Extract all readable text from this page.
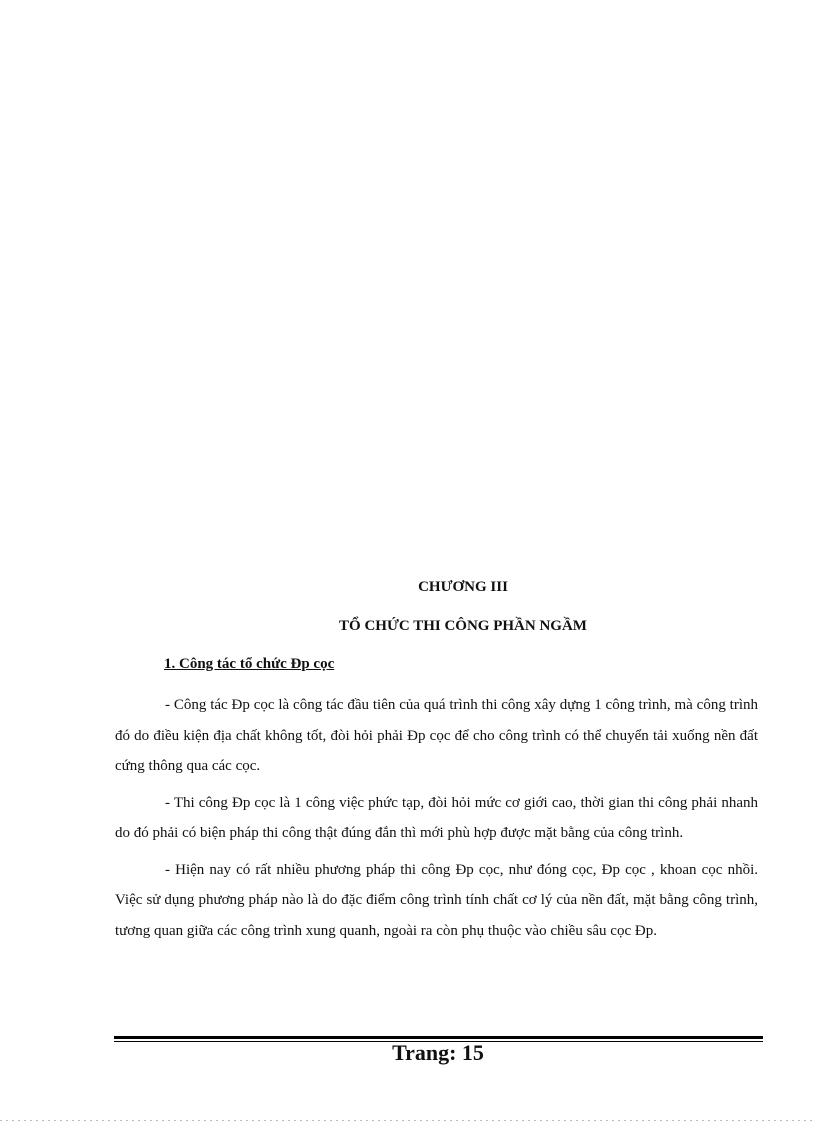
CHƯƠNG III
TỔ CHỨC THI CÔNG PHẦN NGẦM
1. Công tác tổ chức Đp cọc

- Công tác Đp cọc là công tác đầu tiên của quá trình thi công xây dựng 1 công trình, mà công trình đó do điều kiện địa chất không tốt, đòi hỏi phải Đp cọc để cho công trình có thể chuyển tải xuống nền đất cứng thông qua các cọc.

- Thi công Đp cọc là 1 công việc phức tạp, đòi hỏi mức cơ giới cao, thời gian thi công phải nhanh do đó phải có biện pháp thi công thật đúng đắn thì mới phù hợp được mặt bằng của công trình.

- Hiện nay có rất nhiều phương pháp thi công Đp cọc, như đóng cọc, Đp cọc , khoan cọc nhồi. Việc sử dụng phương pháp nào là do đặc điểm công trình tính chất cơ lý của nền đất, mặt bằng công trình, tương quan giữa các công trình xung quanh, ngoài ra còn phụ thuộc vào chiều sâu cọc Đp.

Trang: 15
